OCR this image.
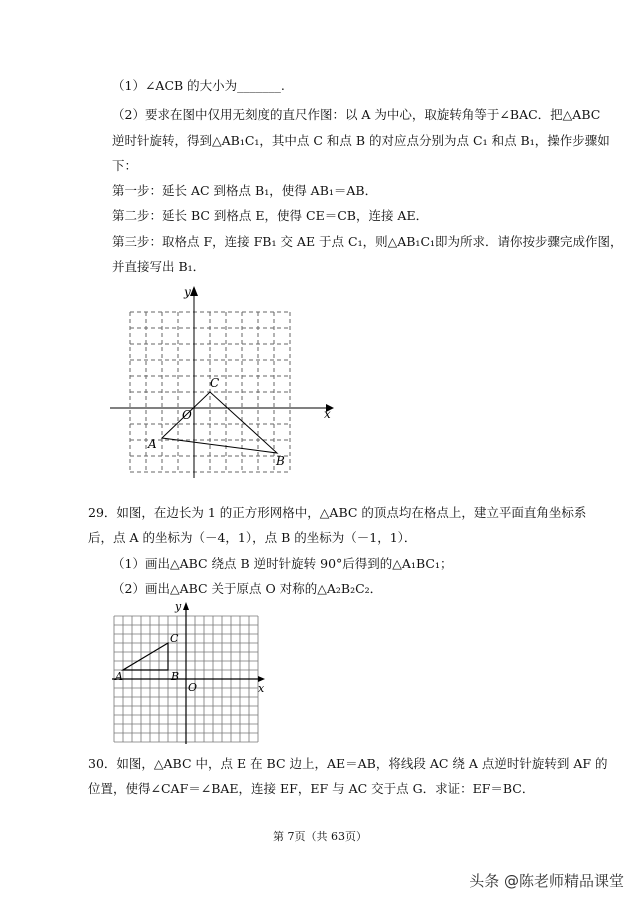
（1）∠ACB 的大小为_______.
（2）要求在图中仅用无刻度的直尺作图：以 A 为中心，取旋转角等于∠BAC．把△ABC
逆时针旋转，得到△AB₁C₁，其中点 C 和点 B 的对应点分别为点 C₁ 和点 B₁，操作步骤如
下：
第一步：延长 AC 到格点 B₁，使得 AB₁＝AB．
第二步：延长 BC 到格点 E，使得 CE＝CB，连接 AE．
第三步：取格点 F，连接 FB₁ 交 AE 于点 C₁，则△AB₁C₁即为所求．请你按步骤完成作图，
并直接写出 B₁．
x
y
O
A
B
C
29．如图，在边长为 1 的正方形网格中，△ABC 的顶点均在格点上，建立平面直角坐标系
后，点 A 的坐标为（－4，1），点 B 的坐标为（－1，1）．
（1）画出△ABC 绕点 B 逆时针旋转 90°后得到的△A₁BC₁；
（2）画出△ABC 关于原点 O 对称的△A₂B₂C₂．
x
y
O
A	B
C
30．如图，△ABC 中，点 E 在 BC 边上，AE＝AB，将线段 AC 绕 A 点逆时针旋转到 AF 的
位置，使得∠CAF＝∠BAE，连接 EF，EF 与 AC 交于点 G．求证：EF＝BC．
第 7页（共 63页）
头条 @陈老师精品课堂
